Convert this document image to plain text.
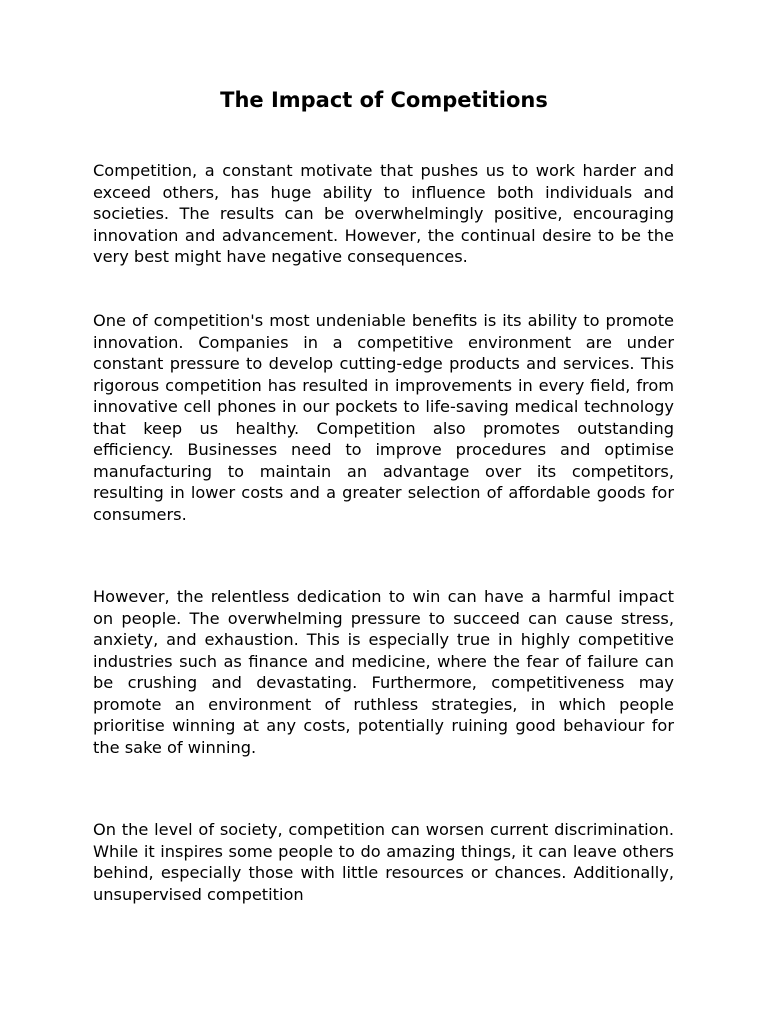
The Impact of Competitions

Competition, a constant motivate that pushes us to work harder and exceed others, has huge ability to influence both individuals and societies. The results can be overwhelmingly positive, encouraging innovation and advancement. However, the continual desire to be the very best might have negative consequences.

One of competition's most undeniable benefits is its ability to promote innovation. Companies in a competitive environment are under constant pressure to develop cutting-edge products and services. This rigorous competition has resulted in improvements in every field, from innovative cell phones in our pockets to life-saving medical technology that keep us healthy. Competition also promotes outstanding efficiency. Businesses need to improve procedures and optimise manufacturing to maintain an advantage over its competitors, resulting in lower costs and a greater selection of affordable goods for consumers.

However, the relentless dedication to win can have a harmful impact on people. The overwhelming pressure to succeed can cause stress, anxiety, and exhaustion. This is especially true in highly competitive industries such as finance and medicine, where the fear of failure can be crushing and devastating. Furthermore, competitiveness may promote an environment of ruthless strategies, in which people prioritise winning at any costs, potentially ruining good behaviour for the sake of winning.

On the level of society, competition can worsen current discrimination. While it inspires some people to do amazing things, it can leave others behind, especially those with little resources or chances. Additionally, unsupervised competition
